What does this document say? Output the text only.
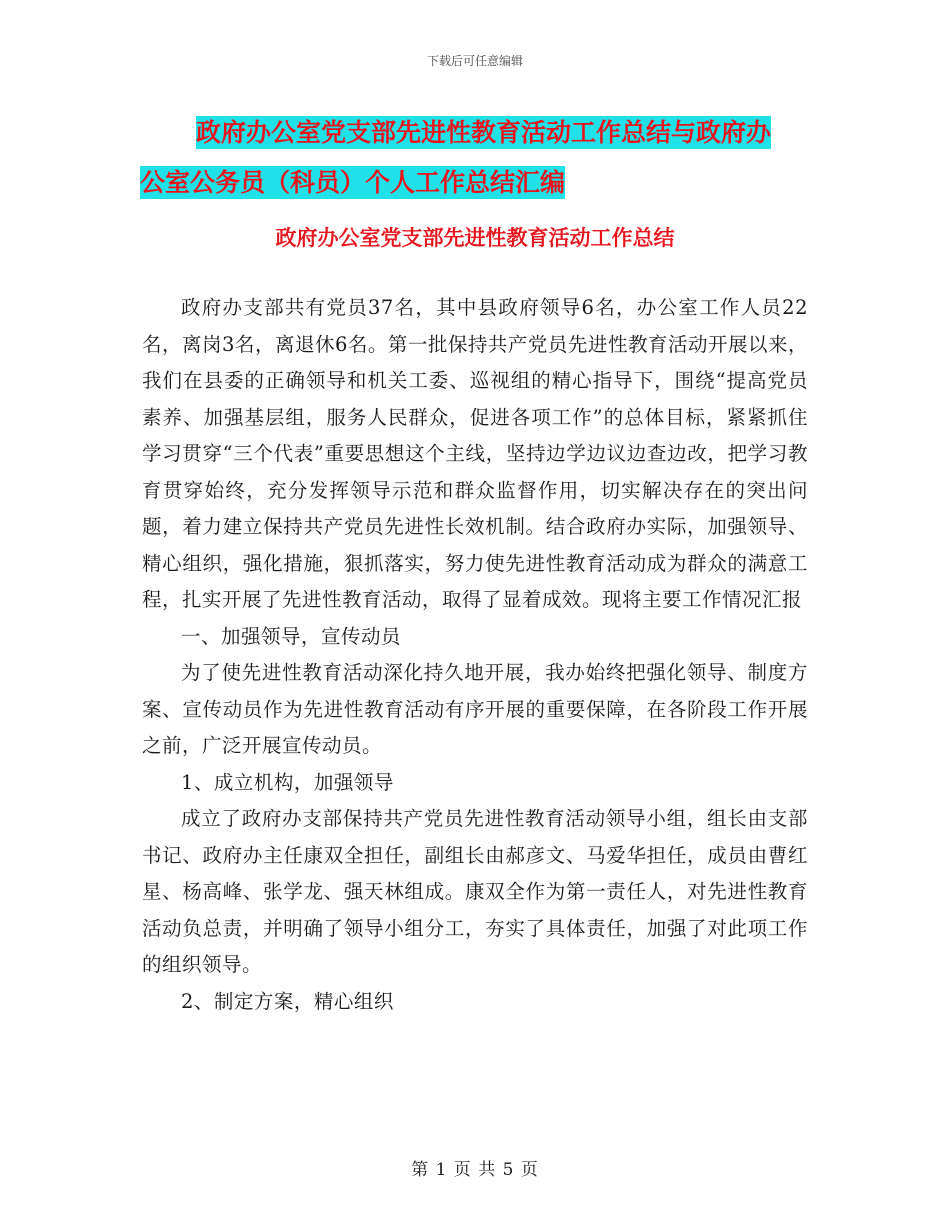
下载后可任意编辑
政府办公室党支部先进性教育活动工作总结与政府办
公室公务员（科员）个人工作总结汇编
政府办公室党支部先进性教育活动工作总结

政府办支部共有党员37名，其中县政府领导6名，办公室工作人员22名，离岗3名，离退休6名。第一批保持共产党员先进性教育活动开展以来，我们在县委的正确领导和机关工委、巡视组的精心指导下，围绕“提高党员素养、加强基层组，服务人民群众，促进各项工作”的总体目标，紧紧抓住学习贯穿“三个代表”重要思想这个主线，坚持边学边议边查边改，把学习教育贯穿始终，充分发挥领导示范和群众监督作用，切实解决存在的突出问题，着力建立保持共产党员先进性长效机制。结合政府办实际，加强领导、精心组织，强化措施，狠抓落实，努力使先进性教育活动成为群众的满意工程，扎实开展了先进性教育活动，取得了显着成效。现将主要工作情况汇报

一、加强领导，宣传动员

为了使先进性教育活动深化持久地开展，我办始终把强化领导、制度方案、宣传动员作为先进性教育活动有序开展的重要保障，在各阶段工作开展之前，广泛开展宣传动员。

1、成立机构，加强领导

成立了政府办支部保持共产党员先进性教育活动领导小组，组长由支部书记、政府办主任康双全担任，副组长由郝彦文、马爱华担任，成员由曹红星、杨高峰、张学龙、强天林组成。康双全作为第一责任人，对先进性教育活动负总责，并明确了领导小组分工，夯实了具体责任，加强了对此项工作的组织领导。

2、制定方案，精心组织

第 1 页 共 5 页
